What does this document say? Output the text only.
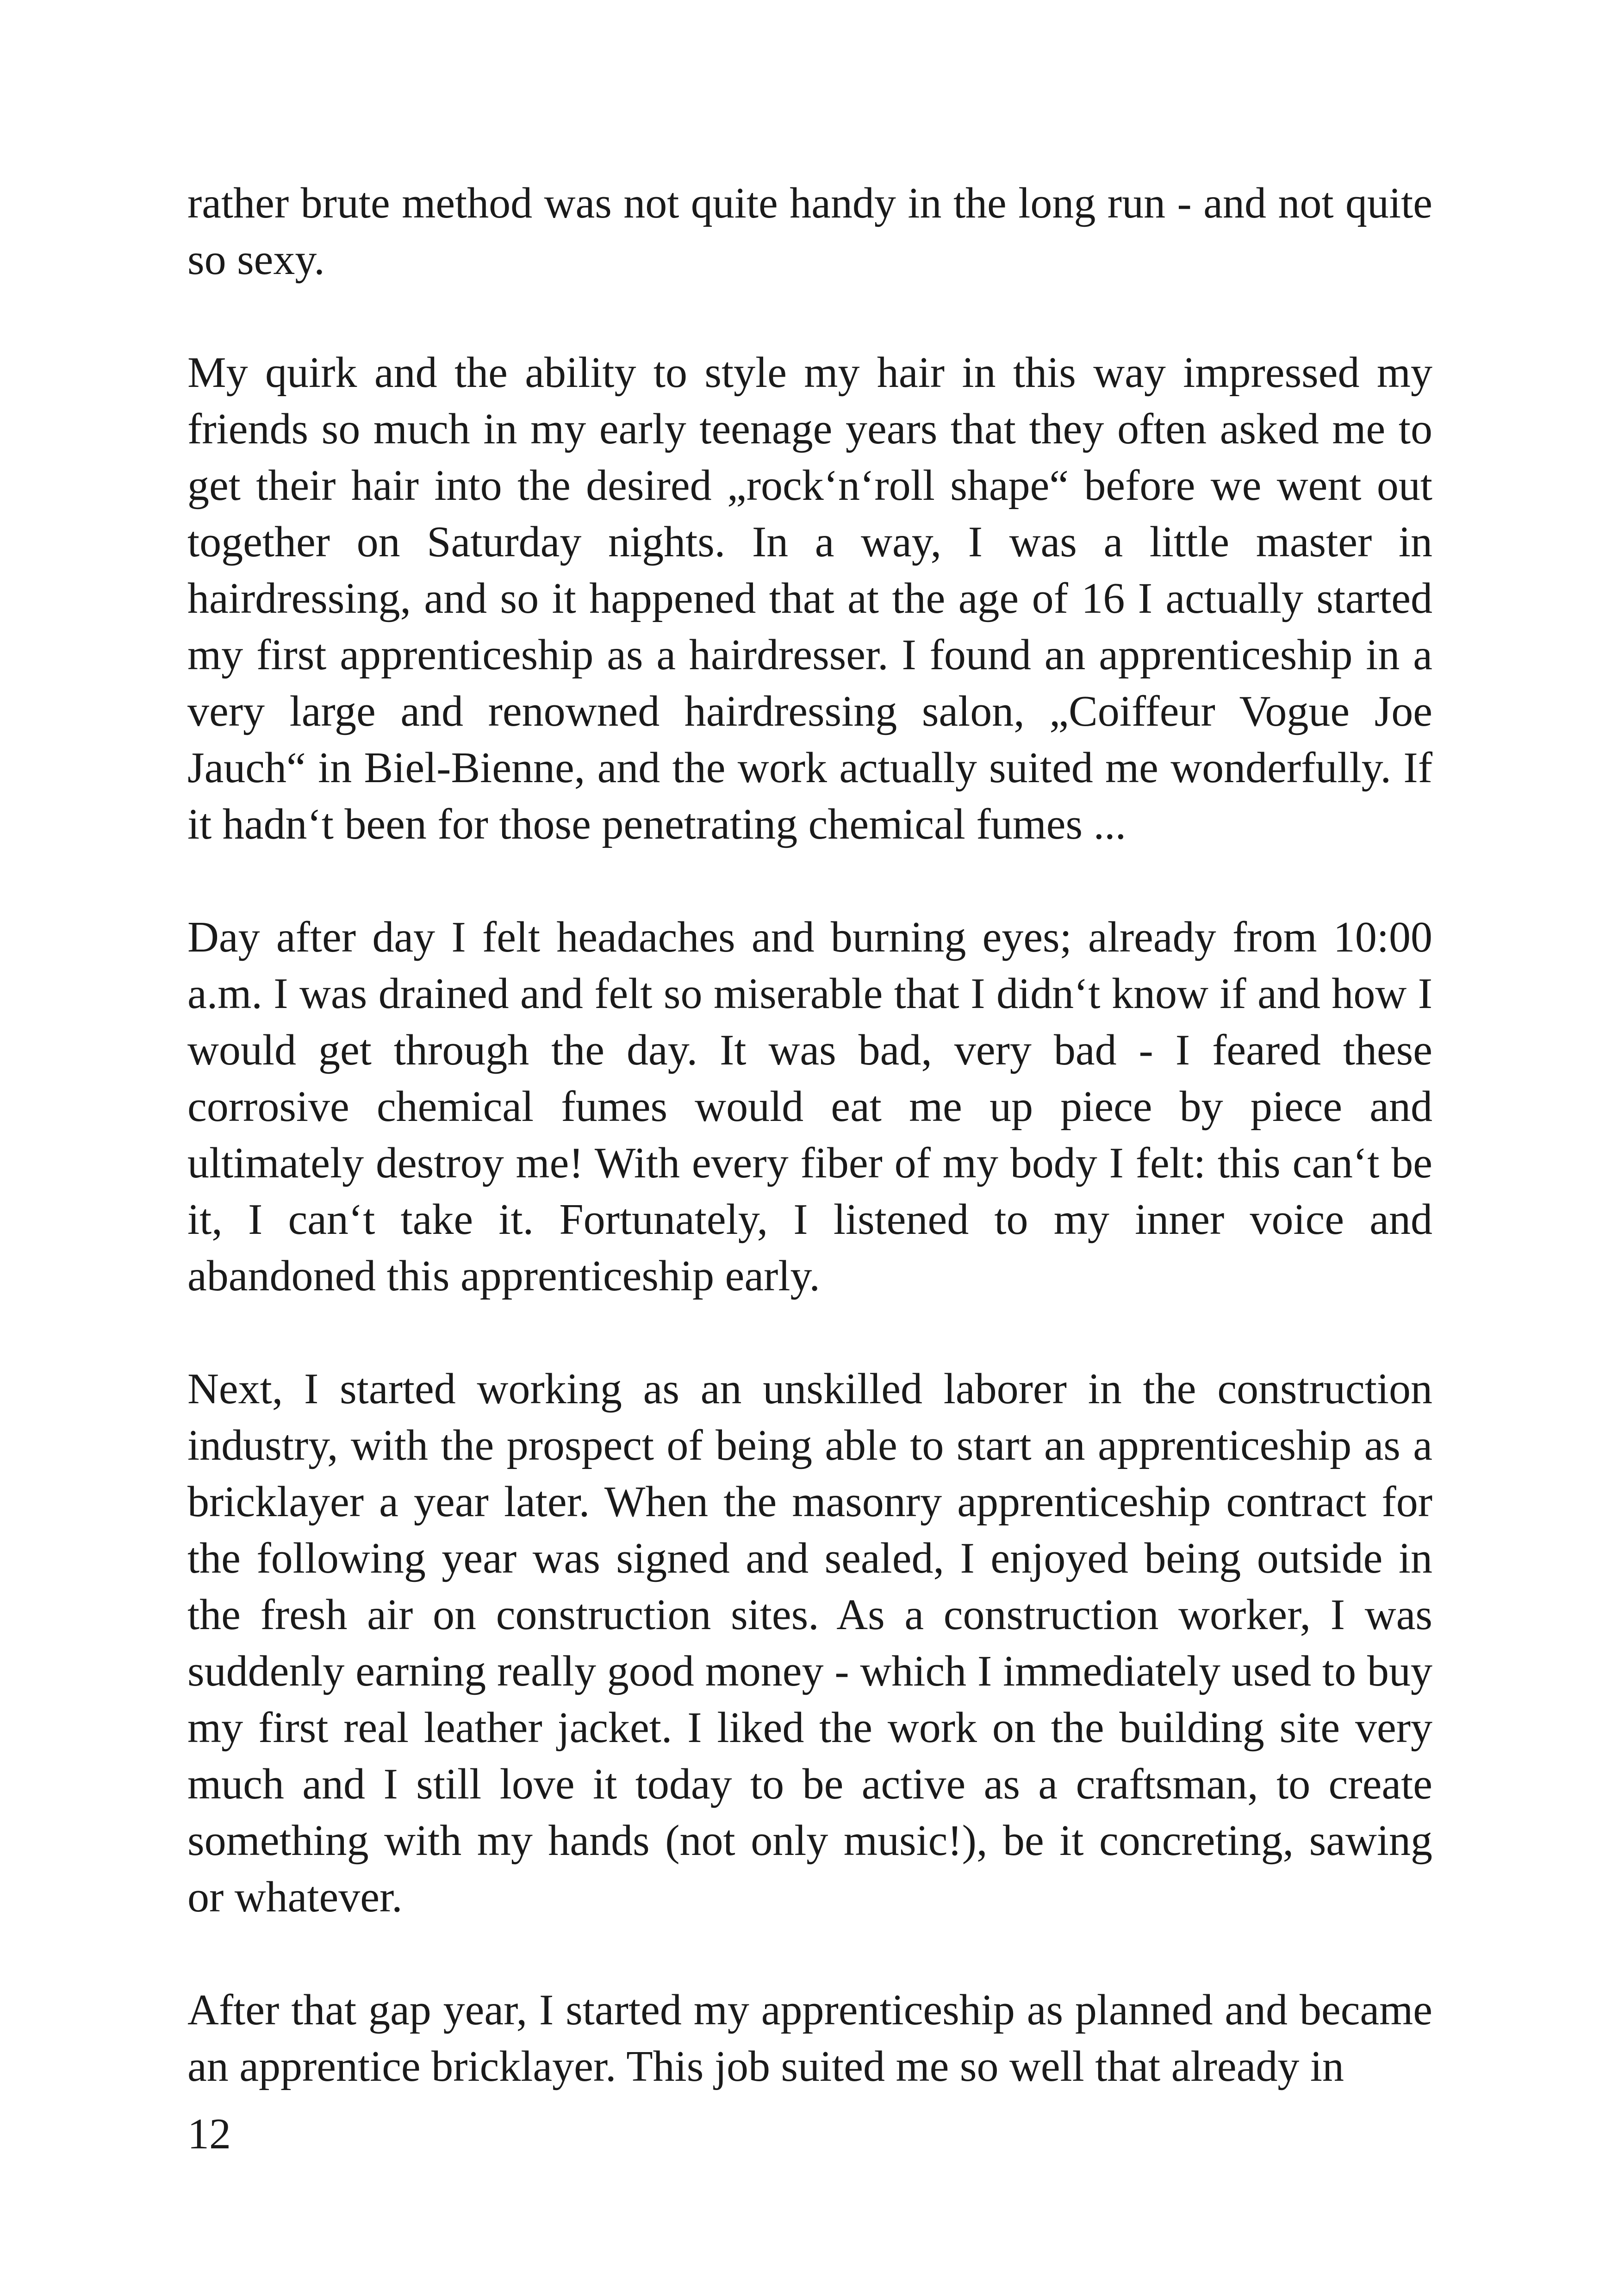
rather brute method was not quite handy in the long run - and not quite so sexy.

My quirk and the ability to style my hair in this way impressed my friends so much in my early teenage years that they often asked me to get their hair into the desired „rock‘n‘roll shape“ before we went out together on Saturday nights. In a way, I was a little master in hairdressing, and so it happened that at the age of 16 I actually started my first apprenticeship as a hairdresser. I found an apprenticeship in a very large and renowned hairdressing salon, „Coiffeur Vogue Joe Jauch“ in Biel-Bienne, and the work actually suited me wonderfully. If it hadn‘t been for those penetrating chemical fumes ...

Day after day I felt headaches and burning eyes; already from 10:00 a.m. I was drained and felt so miserable that I didn‘t know if and how I would get through the day. It was bad, very bad - I feared these corrosive chemical fumes would eat me up piece by piece and ultimately destroy me! With every fiber of my body I felt: this can‘t be it, I can‘t take it. Fortunately, I listened to my inner voice and abandoned this apprenticeship early.

Next, I started working as an unskilled laborer in the construction industry, with the prospect of being able to start an apprenticeship as a bricklayer a year later. When the masonry apprenticeship contract for the following year was signed and sealed, I enjoyed being outside in the fresh air on construction sites. As a construction worker, I was suddenly earning really good money - which I immediately used to buy my first real leather jacket. I liked the work on the building site very much and I still love it today to be active as a craftsman, to create something with my hands (not only music!), be it concreting, sawing or whatever.

After that gap year, I started my apprenticeship as planned and became an apprentice bricklayer. This job suited me so well that already in

12
